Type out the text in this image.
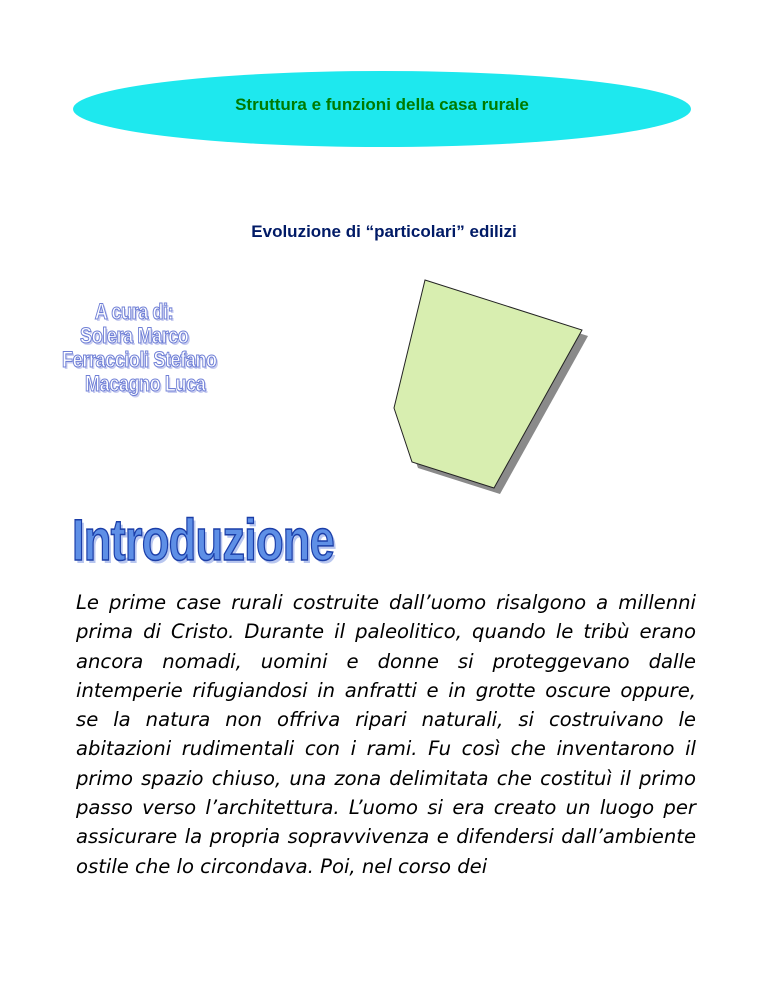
Struttura e funzioni della casa rurale
Evoluzione di “particolari” edilizi
A cura di:
Solera Marco
Ferraccioli Stefano
Macagno Luca
Introduzione

Le prime case rurali costruite dall’uomo risalgono a millenni prima di Cristo. Durante il paleolitico, quando le tribù erano ancora nomadi, uomini e donne si proteggevano dalle intemperie rifugiandosi in anfratti e in grotte oscure oppure, se la natura non offriva ripari naturali, si costruivano le abitazioni rudimentali con i rami. Fu così che inventarono il primo spazio chiuso, una zona delimitata che costituì il primo passo verso l’architettura. L’uomo si era creato un luogo per assicurare la propria sopravvivenza e difendersi dall’ambiente ostile che lo circondava. Poi, nel corso dei
